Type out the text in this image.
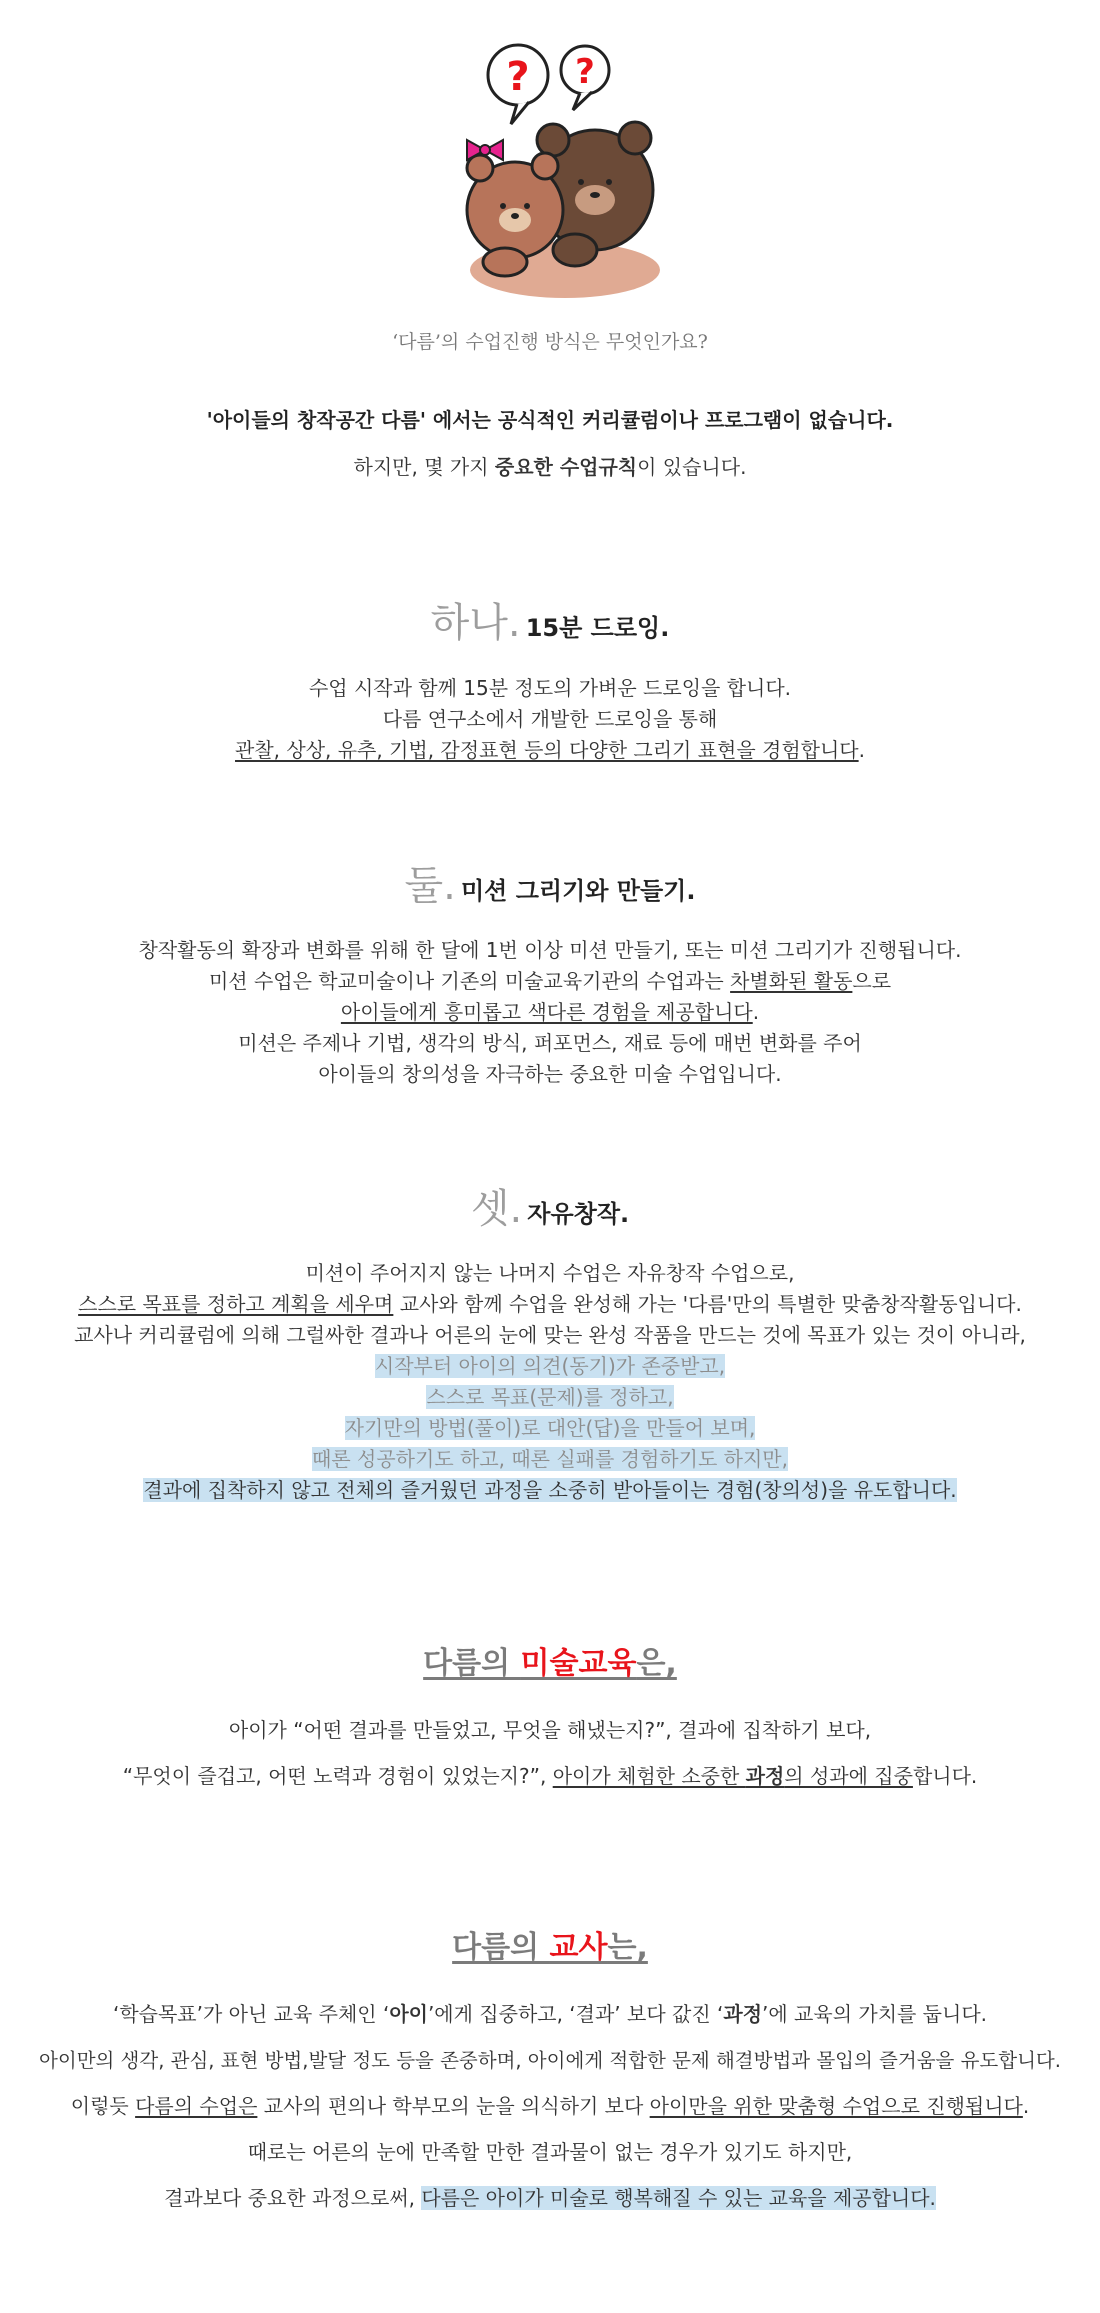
? ?
‘다름’의 수업진행 방식은 무엇인가요?
'아이들의 창작공간 다름' 에서는 공식적인 커리큘럼이나 프로그램이 없습니다.
하지만, 몇 가지 중요한 수업규칙이 있습니다.
하나. 15분 드로잉.
수업 시작과 함께 15분 정도의 가벼운 드로잉을 합니다.
다름 연구소에서 개발한 드로잉을 통해
관찰, 상상, 유추, 기법, 감정표현 등의 다양한 그리기 표현을 경험합니다.
둘. 미션 그리기와 만들기.
창작활동의 확장과 변화를 위해 한 달에 1번 이상 미션 만들기, 또는 미션 그리기가 진행됩니다.
미션 수업은 학교미술이나 기존의 미술교육기관의 수업과는 차별화된 활동으로
아이들에게 흥미롭고 색다른 경험을 제공합니다.
미션은 주제나 기법, 생각의 방식, 퍼포먼스, 재료 등에 매번 변화를 주어
아이들의 창의성을 자극하는 중요한 미술 수업입니다.
셋. 자유창작.
미션이 주어지지 않는 나머지 수업은 자유창작 수업으로,
스스로 목표를 정하고 계획을 세우며 교사와 함께 수업을 완성해 가는 '다름'만의 특별한 맞춤창작활동입니다.
교사나 커리큘럼에 의해 그럴싸한 결과나 어른의 눈에 맞는 완성 작품을 만드는 것에 목표가 있는 것이 아니라,
시작부터 아이의 의견(동기)가 존중받고,
스스로 목표(문제)를 정하고,
자기만의 방법(풀이)로 대안(답)을 만들어 보며,
때론 성공하기도 하고, 때론 실패를 경험하기도 하지만,
결과에 집착하지 않고 전체의 즐거웠던 과정을 소중히 받아들이는 경험(창의성)을 유도합니다.
다름의 미술교육은,
아이가 “어떤 결과를 만들었고, 무엇을 해냈는지?”, 결과에 집착하기 보다,
“무엇이 즐겁고, 어떤 노력과 경험이 있었는지?”, 아이가 체험한 소중한 과정의 성과에 집중합니다.
다름의 교사는,
‘학습목표’가 아닌 교육 주체인 ‘아이’에게 집중하고, ‘결과’ 보다 값진 ‘과정’에 교육의 가치를 둡니다.
아이만의 생각, 관심, 표현 방법,발달 정도 등을 존중하며, 아이에게 적합한 문제 해결방법과 몰입의 즐거움을 유도합니다.
이렇듯 다름의 수업은 교사의 편의나 학부모의 눈을 의식하기 보다 아이만을 위한 맞춤형 수업으로 진행됩니다.
때로는 어른의 눈에 만족할 만한 결과물이 없는 경우가 있기도 하지만,
결과보다 중요한 과정으로써, 다름은 아이가 미술로 행복해질 수 있는 교육을 제공합니다.
